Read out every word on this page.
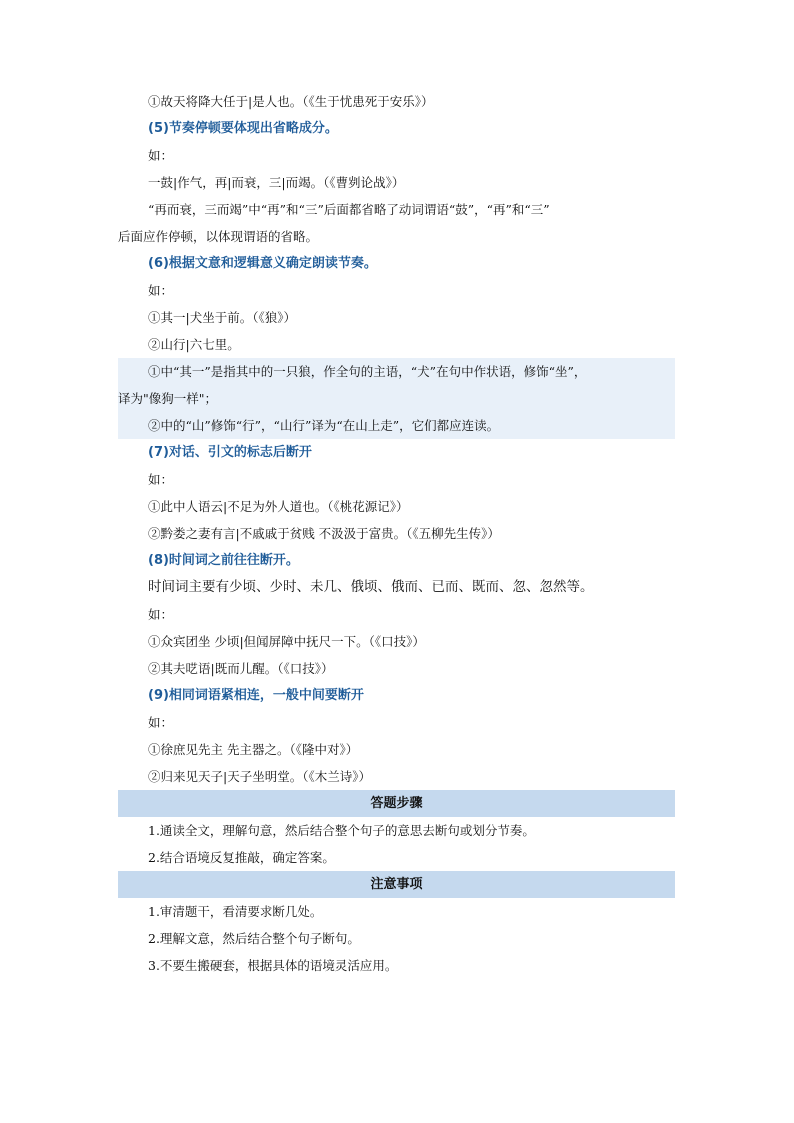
①故天将降大任于|是人也。（《生于忧患死于安乐》）
(5)节奏停顿要体现出省略成分。
如：
一鼓|作气，再|而衰，三|而竭。（《曹刿论战》）
“再而衰，三而竭”中“再”和“三”后面都省略了动词谓语“鼓”，“再”和“三”
后面应作停顿，以体现谓语的省略。
(6)根据文意和逻辑意义确定朗读节奏。
如：
①其一|犬坐于前。（《狼》）
②山行|六七里。
①中“其一”是指其中的一只狼，作全句的主语，“犬”在句中作状语，修饰“坐”，
译为"像狗一样"；
②中的“山”修饰“行”，“山行”译为“在山上走”，它们都应连读。
(7)对话、引文的标志后断开
如：
①此中人语云|不足为外人道也。（《桃花源记》）
②黔娄之妻有言|不戚戚于贫贱 不汲汲于富贵。（《五柳先生传》）
(8)时间词之前往往断开。
时间词主要有少顷、少时、未几、俄顷、俄而、已而、既而、忽、忽然等。
如：
①众宾团坐 少顷|但闻屏障中抚尺一下。（《口技》）
②其夫呓语|既而儿醒。（《口技》）
(9)相同词语紧相连，一般中间要断开
如：
①徐庶见先主 先主器之。（《隆中对》）
②归来见天子|天子坐明堂。（《木兰诗》）
答题步骤
1.通读全文，理解句意，然后结合整个句子的意思去断句或划分节奏。
2.结合语境反复推敲，确定答案。
注意事项
1.审清题干，看清要求断几处。
2.理解文意，然后结合整个句子断句。
3.不要生搬硬套，根据具体的语境灵活应用。
